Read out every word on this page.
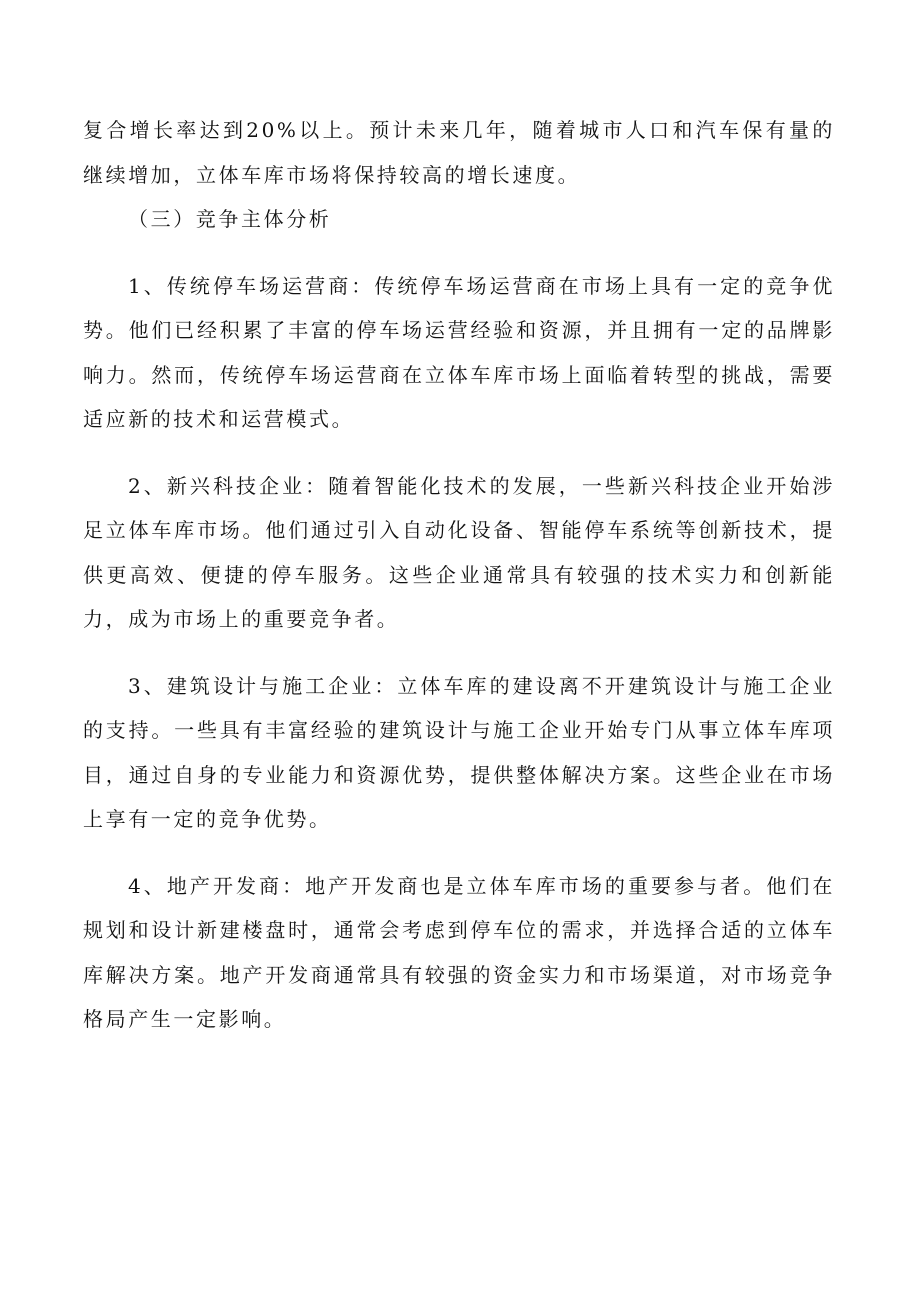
复合增长率达到20%以上。预计未来几年，随着城市人口和汽车保有量的继续增加，立体车库市场将保持较高的增长速度。

（三）竞争主体分析

1、传统停车场运营商：传统停车场运营商在市场上具有一定的竞争优势。他们已经积累了丰富的停车场运营经验和资源，并且拥有一定的品牌影响力。然而，传统停车场运营商在立体车库市场上面临着转型的挑战，需要适应新的技术和运营模式。

2、新兴科技企业：随着智能化技术的发展，一些新兴科技企业开始涉足立体车库市场。他们通过引入自动化设备、智能停车系统等创新技术，提供更高效、便捷的停车服务。这些企业通常具有较强的技术实力和创新能力，成为市场上的重要竞争者。

3、建筑设计与施工企业：立体车库的建设离不开建筑设计与施工企业的支持。一些具有丰富经验的建筑设计与施工企业开始专门从事立体车库项目，通过自身的专业能力和资源优势，提供整体解决方案。这些企业在市场上享有一定的竞争优势。

4、地产开发商：地产开发商也是立体车库市场的重要参与者。他们在规划和设计新建楼盘时，通常会考虑到停车位的需求，并选择合适的立体车库解决方案。地产开发商通常具有较强的资金实力和市场渠道，对市场竞争格局产生一定影响。
